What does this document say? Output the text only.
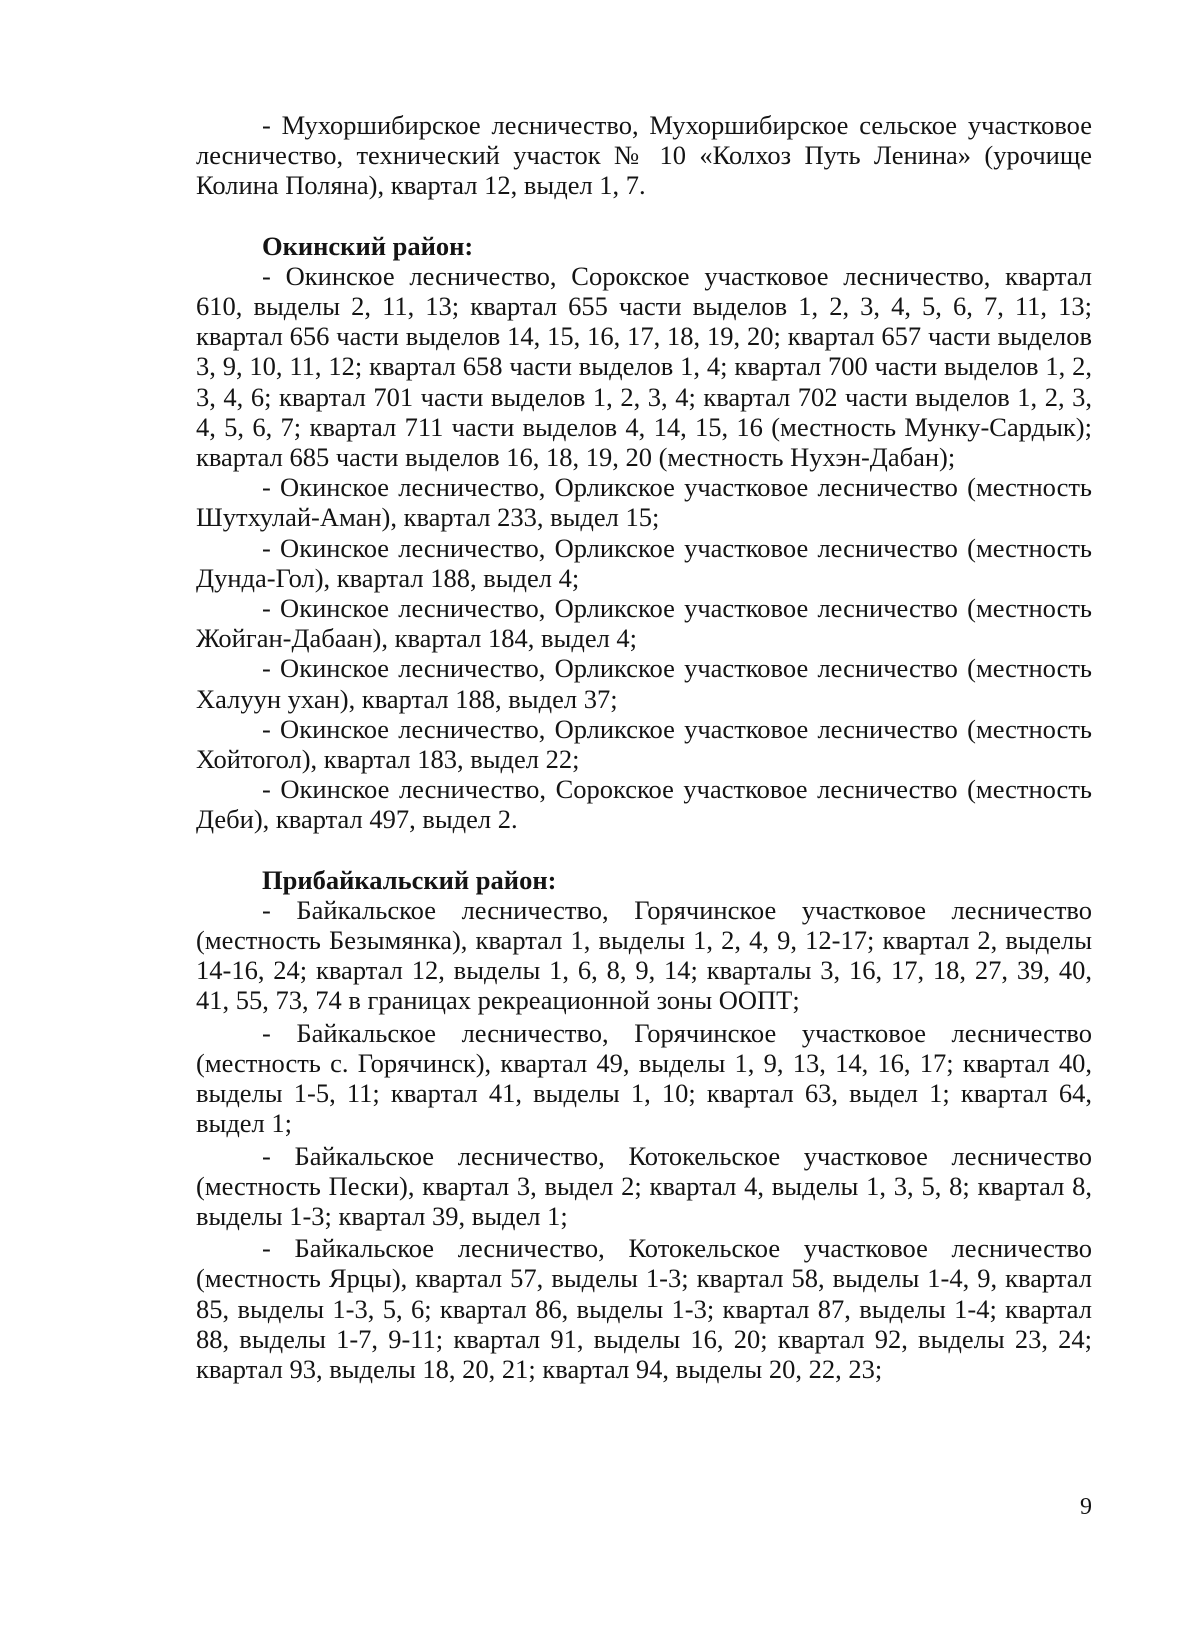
- Мухоршибирское лесничество, Мухоршибирское сельское участковое лесничество, технический участок № 10 «Колхоз Путь Ленина» (урочище Колина Поляна), квартал 12, выдел 1, 7.

Окинский район:

- Окинское лесничество, Сорокское участковое лесничество, квартал 610, выделы 2, 11, 13; квартал 655 части выделов 1, 2, 3, 4, 5, 6, 7, 11, 13; квартал 656 части выделов 14, 15, 16, 17, 18, 19, 20; квартал 657 части выделов 3, 9, 10, 11, 12; квартал 658 части выделов 1, 4; квартал 700 части выделов 1, 2, 3, 4, 6; квартал 701 части выделов 1, 2, 3, 4; квартал 702 части выделов 1, 2, 3, 4, 5, 6, 7; квартал 711 части выделов 4, 14, 15, 16 (местность Мунку-Сардык); квартал 685 части выделов 16, 18, 19, 20 (местность Нухэн-Дабан);

- Окинское лесничество, Орликское участковое лесничество (местность Шутхулай-Аман), квартал 233, выдел 15;

- Окинское лесничество, Орликское участковое лесничество (местность Дунда-Гол), квартал 188, выдел 4;

- Окинское лесничество, Орликское участковое лесничество (местность Жойган-Дабаан), квартал 184, выдел 4;

- Окинское лесничество, Орликское участковое лесничество (местность Халуун ухан), квартал 188, выдел 37;

- Окинское лесничество, Орликское участковое лесничество (местность Хойтогол), квартал 183, выдел 22;

- Окинское лесничество, Сорокское участковое лесничество (местность Деби), квартал 497, выдел 2.

Прибайкальский район:

- Байкальское лесничество, Горячинское участковое лесничество (местность Безымянка), квартал 1, выделы 1, 2, 4, 9, 12-17; квартал 2, выделы 14-16, 24; квартал 12, выделы 1, 6, 8, 9, 14; кварталы 3, 16, 17, 18, 27, 39, 40, 41, 55, 73, 74 в границах рекреационной зоны ООПТ;

- Байкальское лесничество, Горячинское участковое лесничество (местность с. Горячинск), квартал 49, выделы 1, 9, 13, 14, 16, 17; квартал 40, выделы 1-5, 11; квартал 41, выделы 1, 10; квартал 63, выдел 1; квартал 64, выдел 1;

- Байкальское лесничество, Котокельское участковое лесничество (местность Пески), квартал 3, выдел 2; квартал 4, выделы 1, 3, 5, 8; квартал 8, выделы 1-3; квартал 39, выдел 1;

- Байкальское лесничество, Котокельское участковое лесничество (местность Ярцы), квартал 57, выделы 1-3; квартал 58, выделы 1-4, 9, квартал 85, выделы 1-3, 5, 6; квартал 86, выделы 1-3; квартал 87, выделы 1-4; квартал 88, выделы 1-7, 9-11; квартал 91, выделы 16, 20; квартал 92, выделы 23, 24; квартал 93, выделы 18, 20, 21; квартал 94, выделы 20, 22, 23;

9
